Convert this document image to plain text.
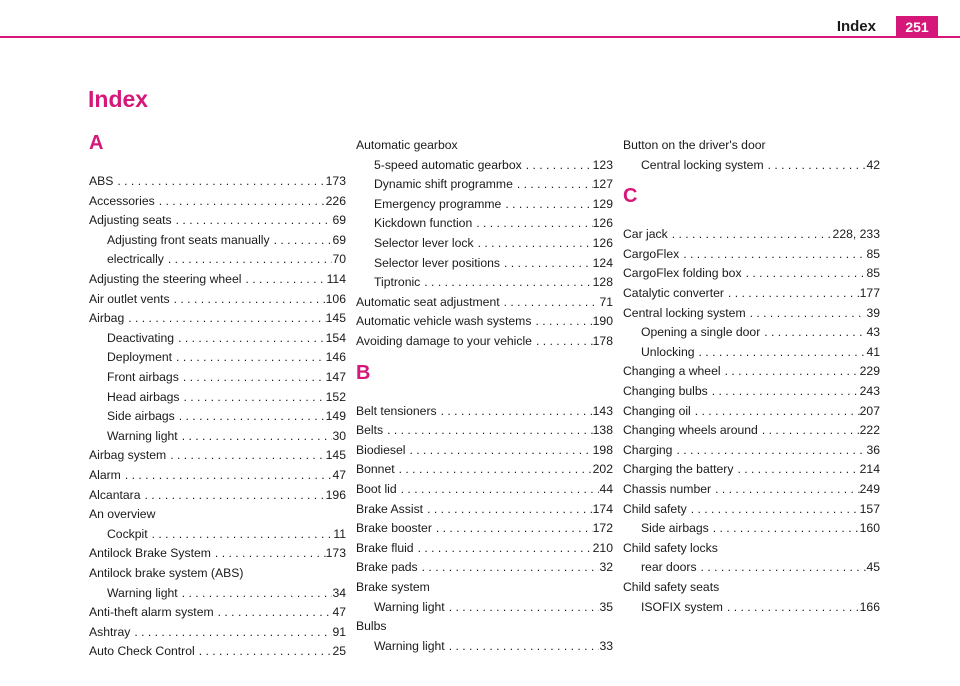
Index	251
Index
A
ABS . . .	173
Accessories . . .	226
Adjusting seats . . .	69
Adjusting front seats manually . . .	69
electrically . . .	70
Adjusting the steering wheel . . .	114
Air outlet vents . . .	106
Airbag . . .	145
Deactivating . . .	154
Deployment . . .	146
Front airbags . . .	147
Head airbags . . .	152
Side airbags . . .	149
Warning light . . .	30
Airbag system . . .	145
Alarm . . .	47
Alcantara . . .	196
An overview
Cockpit . . .	11
Antilock Brake System . . .	173
Antilock brake system (ABS)
Warning light . . .	34
Anti-theft alarm system . . .	47
Ashtray . . .	91
Auto Check Control . . .	25
Automatic gearbox
5-speed automatic gearbox . . .	123
Dynamic shift programme . . .	127
Emergency programme . . .	129
Kickdown function . . .	126
Selector lever lock . . .	126
Selector lever positions . . .	124
Tiptronic . . .	128
Automatic seat adjustment . . .	71
Automatic vehicle wash systems . . .	190
Avoiding damage to your vehicle . . .	178
B
Belt tensioners . . .	143
Belts . . .	138
Biodiesel . . .	198
Bonnet . . .	202
Boot lid . . .	44
Brake Assist . . .	174
Brake booster . . .	172
Brake fluid . . .	210
Brake pads . . .	32
Brake system
Warning light . . .	35
Bulbs
Warning light . . .	33
Button on the driver's door
Central locking system . . .	42
C
Car jack . . .	228, 233
CargoFlex . . .	85
CargoFlex folding box . . .	85
Catalytic converter . . .	177
Central locking system . . .	39
Opening a single door . . .	43
Unlocking . . .	41
Changing a wheel . . .	229
Changing bulbs . . .	243
Changing oil . . .	207
Changing wheels around . . .	222
Charging . . .	36
Charging the battery . . .	214
Chassis number . . .	249
Child safety . . .	157
Side airbags . . .	160
Child safety locks
rear doors . . .	45
Child safety seats
ISOFIX system . . .	166
